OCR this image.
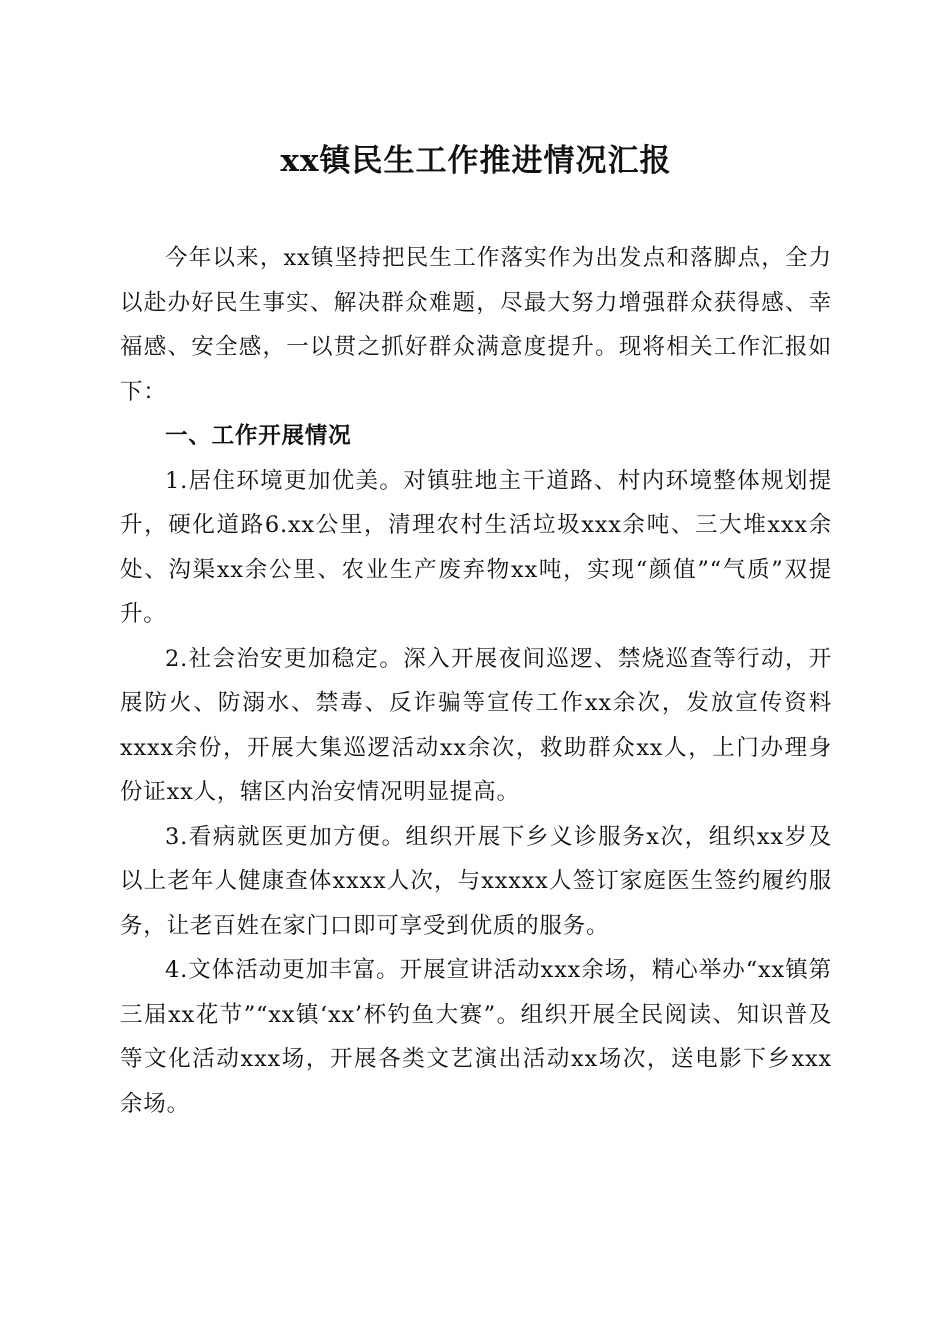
xx镇民生工作推进情况汇报

今年以来，xx镇坚持把民生工作落实作为出发点和落脚点，全力以赴办好民生事实、解决群众难题，尽最大努力增强群众获得感、幸福感、安全感，一以贯之抓好群众满意度提升。现将相关工作汇报如下：

一、工作开展情况

1.居住环境更加优美。对镇驻地主干道路、村内环境整体规划提升，硬化道路6.xx公里，清理农村生活垃圾xxx余吨、三大堆xxx余处、沟渠xx余公里、农业生产废弃物xx吨，实现“颜值”“气质”双提升。

2.社会治安更加稳定。深入开展夜间巡逻、禁烧巡查等行动，开展防火、防溺水、禁毒、反诈骗等宣传工作xx余次，发放宣传资料xxxx余份，开展大集巡逻活动xx余次，救助群众xx人，上门办理身份证xx人，辖区内治安情况明显提高。

3.看病就医更加方便。组织开展下乡义诊服务x次，组织xx岁及以上老年人健康查体xxxx人次，与xxxxx人签订家庭医生签约履约服务，让老百姓在家门口即可享受到优质的服务。

4.文体活动更加丰富。开展宣讲活动xxx余场，精心举办“xx镇第三届xx花节”“xx镇‘xx’杯钓鱼大赛”。组织开展全民阅读、知识普及等文化活动xxx场，开展各类文艺演出活动xx场次，送电影下乡xxx余场。
